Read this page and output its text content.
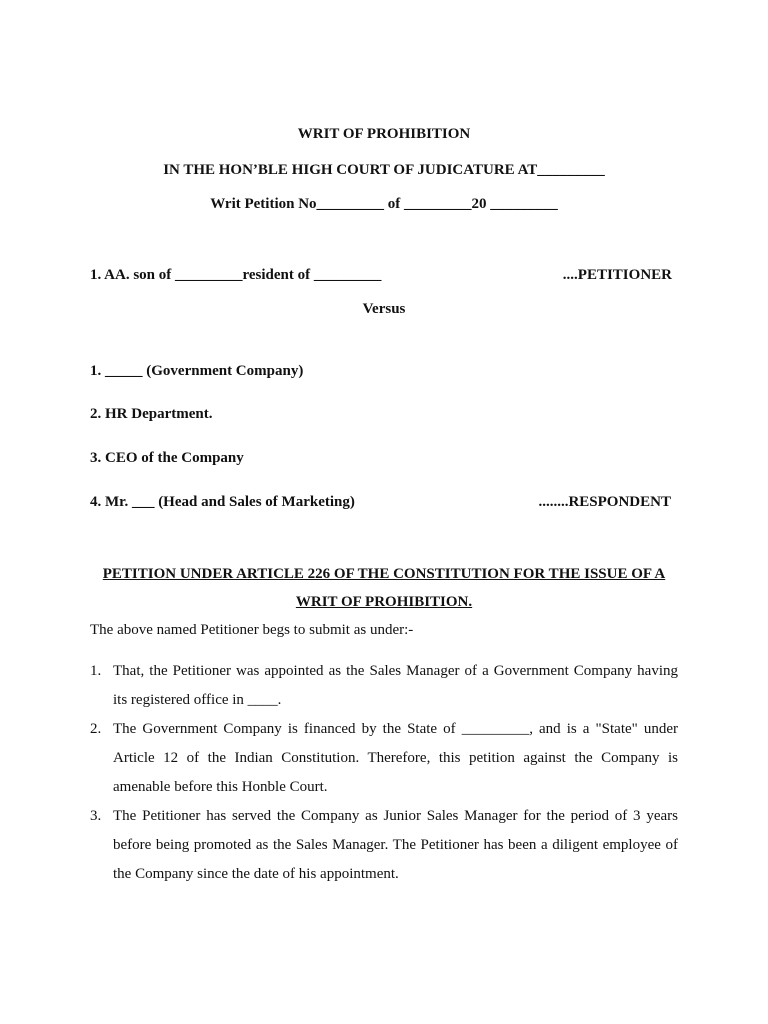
WRIT OF PROHIBITION
IN THE HON’BLE HIGH COURT OF JUDICATURE AT_________
Writ Petition No_________ of _________20 _________
1. AA. son of _________resident of _________	....PETITIONER
Versus
1. _____ (Government Company)
2. HR Department.
3. CEO of the Company
4. Mr. ___ (Head and Sales of Marketing)	........RESPONDENT
PETITION UNDER ARTICLE 226 OF THE CONSTITUTION FOR THE ISSUE OF A
WRIT OF PROHIBITION.
The above named Petitioner begs to submit as under:-
1. That, the Petitioner was appointed as the Sales Manager of a Government Company having its registered office in ____.
2. The Government Company is financed by the State of _________, and is a "State" under Article 12 of the Indian Constitution. Therefore, this petition against the Company is amenable before this Honble Court.
3. The Petitioner has served the Company as Junior Sales Manager for the period of 3 years before being promoted as the Sales Manager. The Petitioner has been a diligent employee of the Company since the date of his appointment.
